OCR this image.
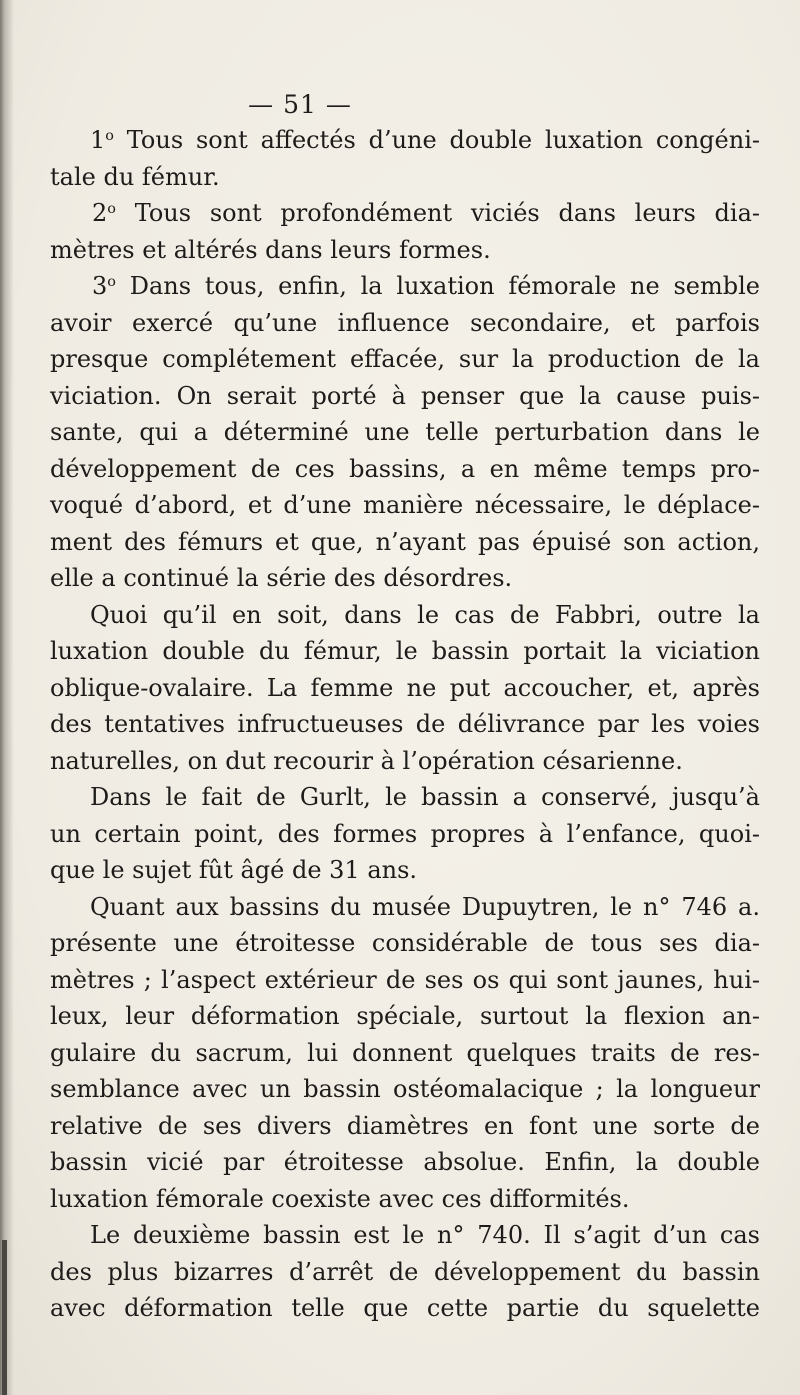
— 51 —
1$^o$ Tous sont affectés d’une double luxation congéni-
tale du fémur.
2$^o$ Tous sont profondément viciés dans leurs dia-
mètres et altérés dans leurs formes.
3$^o$ Dans tous, enfin, la luxation fémorale ne semble
avoir exercé qu’une influence secondaire, et parfois
presque complétement effacée, sur la production de la
viciation. On serait porté à penser que la cause puis-
sante, qui a déterminé une telle perturbation dans le
développement de ces bassins, a en même temps pro-
voqué d’abord, et d’une manière nécessaire, le déplace-
ment des fémurs et que, n’ayant pas épuisé son action,
elle a continué la série des désordres.
Quoi qu’il en soit, dans le cas de Fabbri, outre la
luxation double du fémur, le bassin portait la viciation
oblique-ovalaire. La femme ne put accoucher, et, après
des tentatives infructueuses de délivrance par les voies
naturelles, on dut recourir à l’opération césarienne.
Dans le fait de Gurlt, le bassin a conservé, jusqu’à
un certain point, des formes propres à l’enfance, quoi-
que le sujet fût âgé de 31 ans.
Quant aux bassins du musée Dupuytren, le n° 746 a.
présente une étroitesse considérable de tous ses dia-
mètres ; l’aspect extérieur de ses os qui sont jaunes, hui-
leux, leur déformation spéciale, surtout la flexion an-
gulaire du sacrum, lui donnent quelques traits de res-
semblance avec un bassin ostéomalacique ; la longueur
relative de ses divers diamètres en font une sorte de
bassin vicié par étroitesse absolue. Enfin, la double
luxation fémorale coexiste avec ces difformités.
Le deuxième bassin est le n° 740. Il s’agit d’un cas
des plus bizarres d’arrêt de développement du bassin
avec déformation telle que cette partie du squelette
